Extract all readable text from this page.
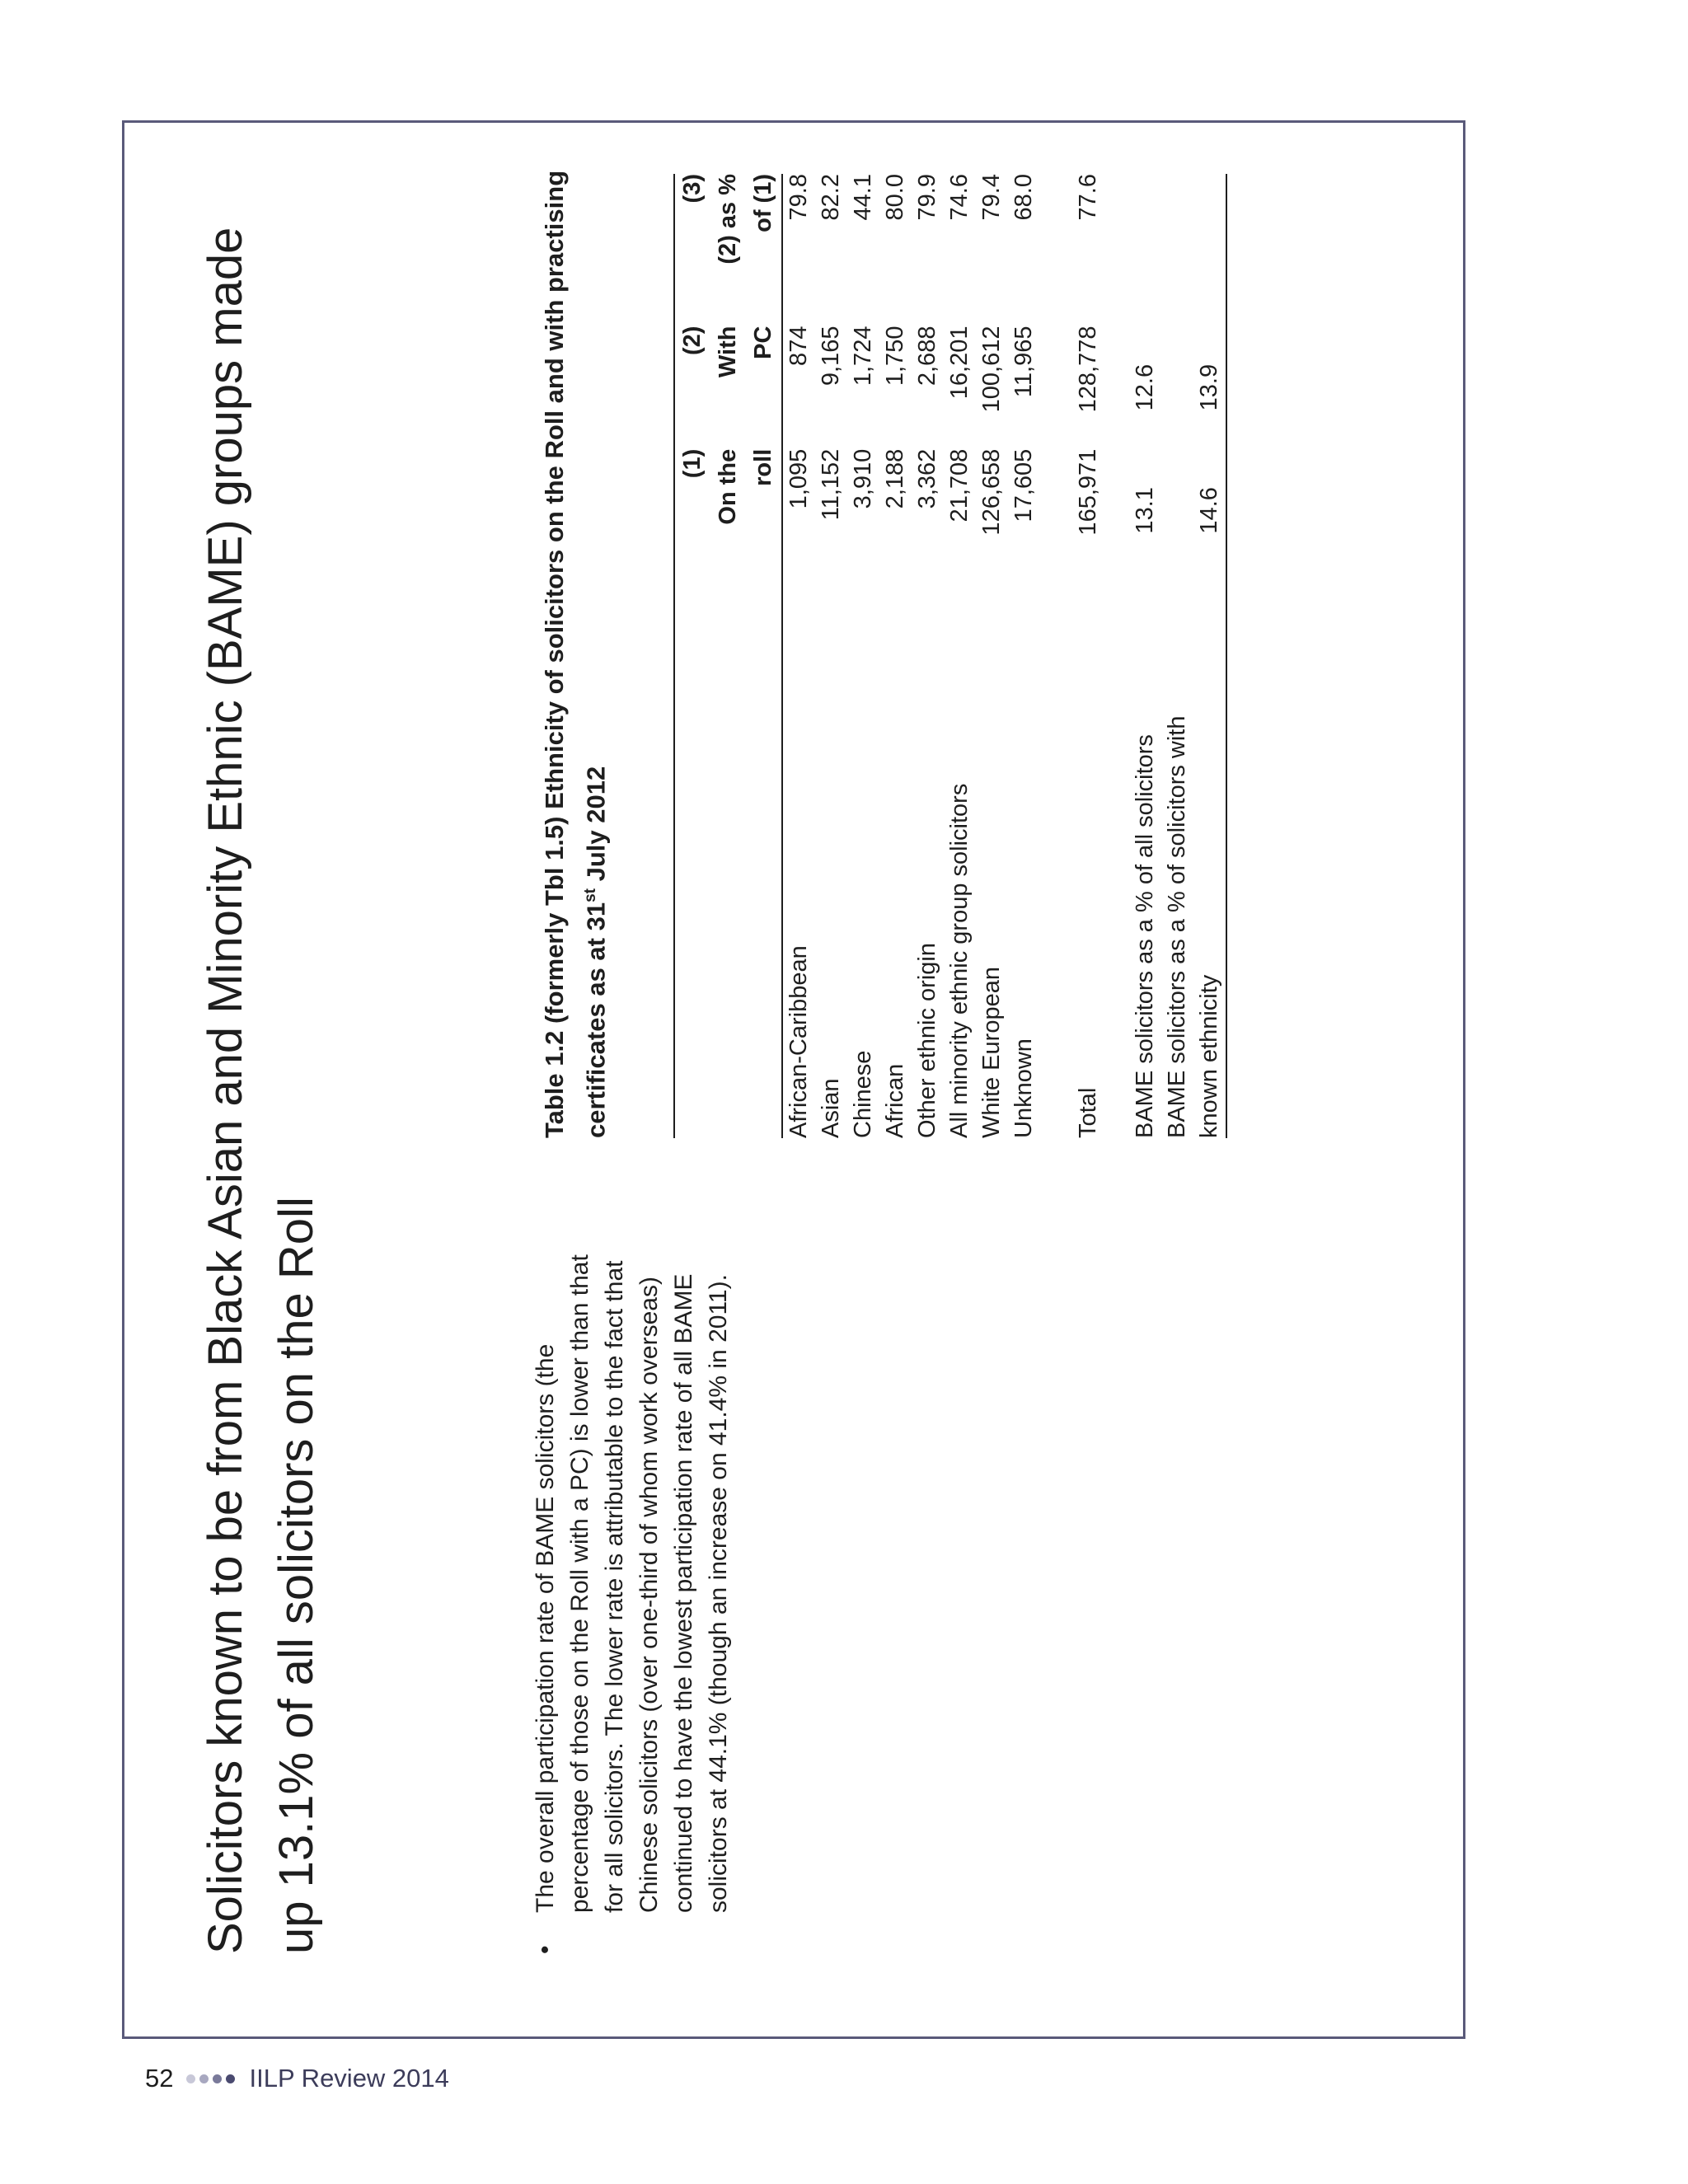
Solicitors known to be from Black Asian and Minority Ethnic (BAME) groups made up 13.1% of all solicitors on the Roll	•
The overall participation rate of BAME solicitors (the percentage of those on the Roll with a PC) is lower than that for all solicitors. The lower rate is attributable to the fact that Chinese solicitors (over one-third of whom work overseas) continued to have the lowest participation rate of all BAME solicitors at 44.1% (though an increase on 41.4% in 2011).
Table 1.2 (formerly Tbl 1.5) Ethnicity of solicitors on the Roll and with practising certificates as at 31st July 2012
(1)
(2)
(3)
On the
With
(2) as %
roll
PC
of (1)
African-Caribbean
1,095
874
79.8
Asian
11,152
9,165
82.2
Chinese
3,910
1,724
44.1
African
2,188
1,750
80.0
Other ethnic origin
3,362
2,688
79.9
All minority ethnic group solicitors
21,708
16,201
74.6
White European
126,658
100,612
79.4
Unknown
17,605
11,965
68.0
Total
165,971
128,778
77.6
BAME solicitors as a % of all solicitors
13.1
12.6
BAME solicitors as a % of solicitors with known ethnicity
14.6
13.9
52	IILP Review 2014
